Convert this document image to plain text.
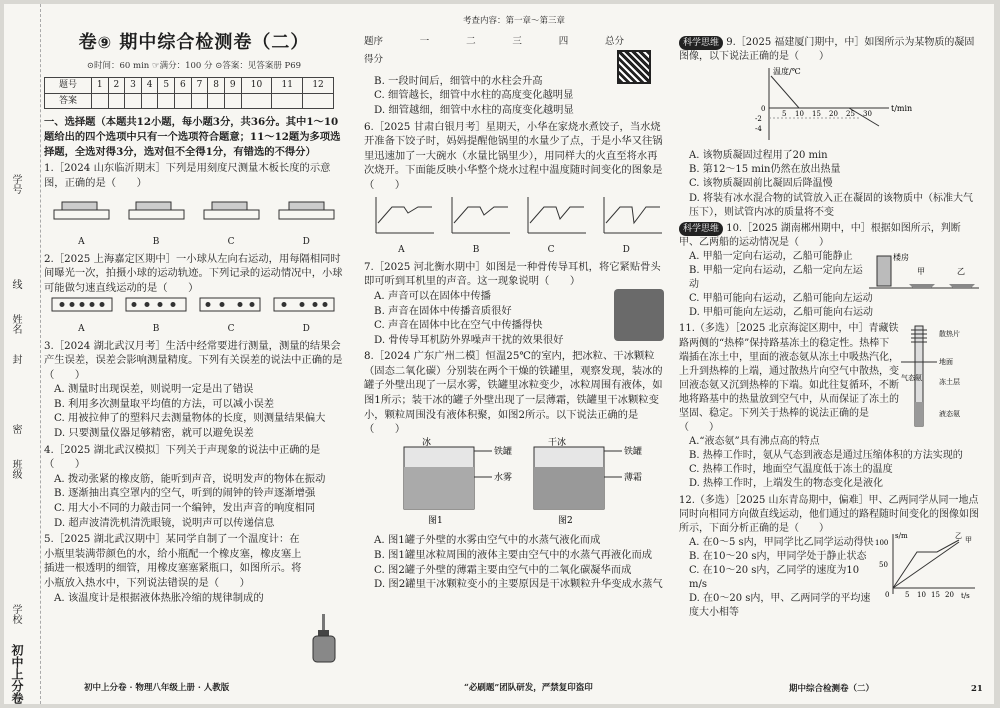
学号
线
姓名
封
班级
密
学校
初中上分卷
卷⑨ 期中综合检测卷（二）
⊙时间：60 min ☞满分：100 分 ⊙答案：见答案册 P69
题号	1	2	3	4	5	6	7	8	9	10	11	12
答案												
一、选择题（本题共12小题，每小题3分，共36分。其中1～10题给出的四个选项中只有一个选项符合题意；11～12题为多项选择题，全选对得3分，选对但不全得1分，有错选的不得分）
1.［2024 山东临沂期末］下列是用刻度尺测量木板长度的示意图，正确的是（　　）
A	B	C	D
2.［2025 上海嘉定区期中］一小球从左向右运动，用每隔相同时间曝光一次，拍摄小球的运动轨迹。下列记录的运动情况中，小球可能做匀速直线运动的是（　　）
A	B	C	D
3.［2024 湖北武汉月考］生活中经常要进行测量，测量的结果会产生误差，误差会影响测量精度。下列有关误差的说法中正确的是（　　）
A. 测量时出现误差，则说明一定是出了错误
B. 利用多次测量取平均值的方法，可以减小误差
C. 用被拉伸了的塑料尺去测量物体的长度，则测量结果偏大
D. 只要测量仪器足够精密，就可以避免误差
4.［2025 湖北武汉模拟］下列关于声现象的说法中正确的是（　　）
A. 拨动张紧的橡皮筋，能听到声音，说明发声的物体在振动
B. 逐渐抽出真空罩内的空气，听到的闹钟的铃声逐渐增强
C. 用大小不同的力敲击同一个编钟，发出声音的响度相同
D. 超声波清洗机清洗眼镜，说明声可以传递信息
5.［2025 湖北武汉期中］某同学自制了一个温度计：在小瓶里装满带颜色的水，给小瓶配一个橡皮塞，橡皮塞上插进一根透明的细管，用橡皮塞塞紧瓶口，如图所示。将小瓶放入热水中，下列说法错误的是（　　）
A. 该温度计是根据液体热胀冷缩的规律制成的
初中上分卷 · 物理八年级上册 · 人教版
考查内容：第一章～第三章
题序	一	二	三	四	总分
得分
B. 一段时间后，细管中的水柱会升高
C. 细管越长，细管中水柱的高度变化越明显
D. 细管越细，细管中水柱的高度变化越明显
6.［2025 甘肃白银月考］星期天，小华在家烧水煮饺子，当水烧开准备下饺子时，妈妈提醒他锅里的水量少了点，于是小华又往锅里迅速加了一大碗水（水量比锅里少），用同样大的火直至将水再次烧开。下面能反映小华整个烧水过程中温度随时间变化的图象是（　　）
A	B	C	D
7.［2025 河北衡水期中］如图是一种骨传导耳机，将它紧贴骨头即可听到耳机里的声音。这一现象说明（　　）
A. 声音可以在固体中传播
B. 声音在固体中传播音质很好
C. 声音在固体中比在空气中传播得快
D. 骨传导耳机防外界噪声干扰的效果很好
8.［2024 广东广州二模］恒温25℃的室内，把冰粒、干冰颗粒（固态二氧化碳）分别装在两个干燥的铁罐里，观察发现，装冰的罐子外壁出现了一层水雾，铁罐里冰粒变少，冰粒周围有液体，如图1所示；装干冰的罐子外壁出现了一层薄霜，铁罐里干冰颗粒变小，颗粒周围没有液体积聚，如图2所示。以下说法正确的是（　　）
冰
铁罐
水雾
干冰
铁罐
薄霜
图1	图2
A. 图1罐子外壁的水雾由空气中的水蒸气液化而成
B. 图1罐里冰粒周围的液体主要由空气中的水蒸气再液化而成
C. 图2罐子外壁的薄霜主要由空气中的二氧化碳凝华而成
D. 图2罐里干冰颗粒变小的主要原因是干冰颗粒升华变成水蒸气
“必刷题”团队研发，严禁复印盗印
科学思维 9.［2025 福建厦门期中，中］如图所示为某物质的凝固图像，以下说法正确的是（　　）
温度/℃
t/min
5 10 15 20 25 30
-2
-4
0
A. 该物质凝固过程用了20 min
B. 第12～15 min仍然在放出热量
C. 该物质凝固前比凝固后降温慢
D. 将装有冰水混合物的试管放入正在凝固的该物质中（标准大气压下），则试管内冰的质量将不变
科学思维 10.［2025 湖南郴州期中，中］根据如图所示，判断甲、乙两船的运动情况是（　　）
A. 甲船一定向右运动，乙船可能静止
B. 甲船一定向右运动，乙船一定向左运动
C. 甲船可能向右运动，乙船可能向左运动
D. 甲船可能向左运动，乙船可能向右运动
楼房
甲	乙
11.（多选）［2025 北京海淀区期中，中］青藏铁路两侧的“热棒”保持路基冻土的稳定性。热棒下端插在冻土中，里面的液态氨从冻土中吸热汽化，上升到热棒的上端，通过散热片向空气中散热，变回液态氨又沉到热棒的下端。如此往复循环，不断地将路基中的热量放到空气中，从而保证了冻土的坚固、稳定。下列关于热棒的说法正确的是（　　）
散热片
地面
冻土层
液态氨
气态氨
A.“液态氨”具有沸点高的特点
B. 热棒工作时，氨从气态到液态是通过压缩体积的方法实现的
C. 热棒工作时，地面空气温度低于冻土的温度
D. 热棒工作时，上端发生的物态变化是液化
12.（多选）［2025 山东青岛期中，偏难］甲、乙两同学从同一地点同时向相同方向做直线运动，他们通过的路程随时间变化的图像如图所示，下面分析正确的是（　　）
A. 在0～5 s内，甲同学比乙同学运动得快
B. 在10～20 s内，甲同学处于静止状态
C. 在10～20 s内，乙同学的速度为10 m/s
D. 在0～20 s内，甲、乙两同学的平均速度大小相等
s/m
t/s
100
50
0 5 10 15 20
甲
乙
期中综合检测卷（二）	21
